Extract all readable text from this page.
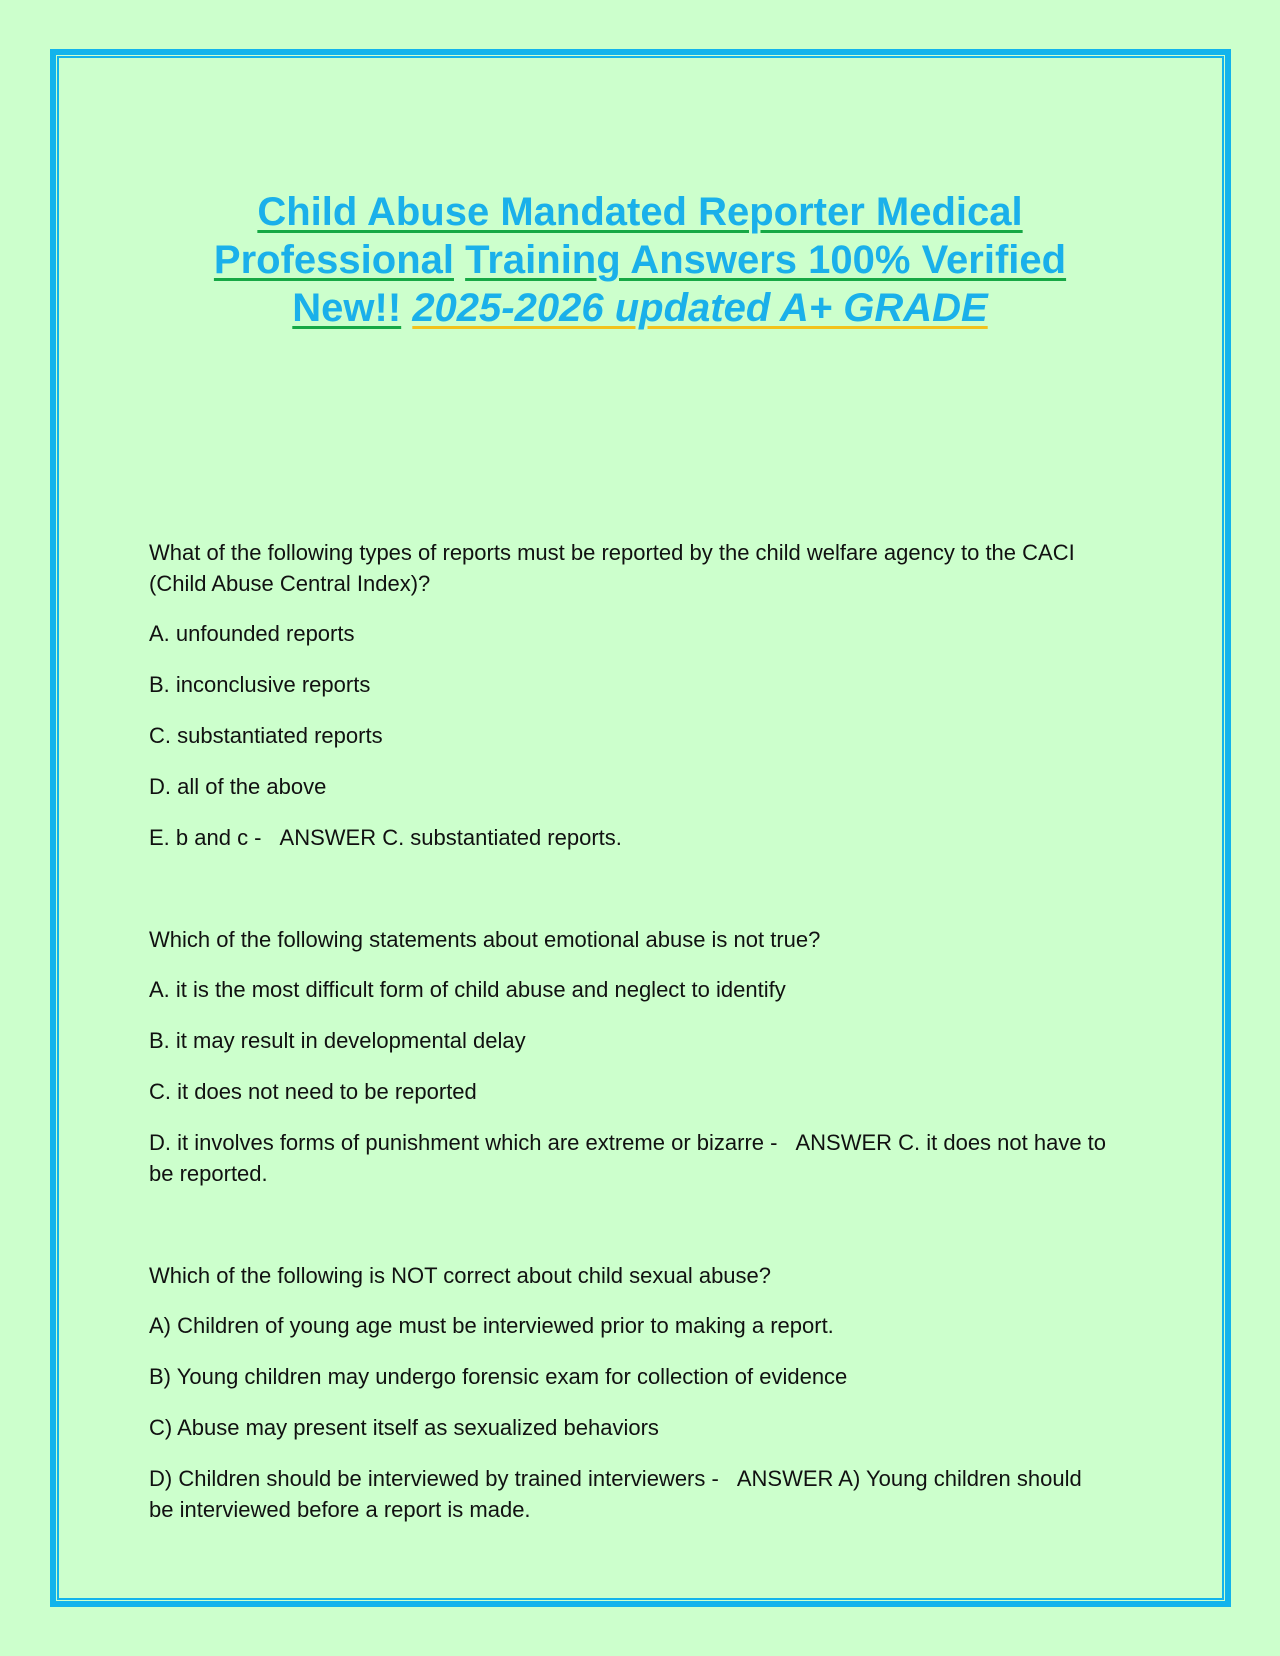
Child Abuse Mandated Reporter Medical
Professional Training Answers 100% Verified
New!! 2025-2026 updated A+ GRADE

What of the following types of reports must be reported by the child welfare agency to the CACI (Child Abuse Central Index)?

A. unfounded reports

B. inconclusive reports

C. substantiated reports

D. all of the above

E. b and c - ANSWER C. substantiated reports.

Which of the following statements about emotional abuse is not true?

A. it is the most difficult form of child abuse and neglect to identify

B. it may result in developmental delay

C. it does not need to be reported

D. it involves forms of punishment which are extreme or bizarre - ANSWER C. it does not have to be reported.

Which of the following is NOT correct about child sexual abuse?

A) Children of young age must be interviewed prior to making a report.

B) Young children may undergo forensic exam for collection of evidence

C) Abuse may present itself as sexualized behaviors

D) Children should be interviewed by trained interviewers - ANSWER A) Young children should be interviewed before a report is made.
